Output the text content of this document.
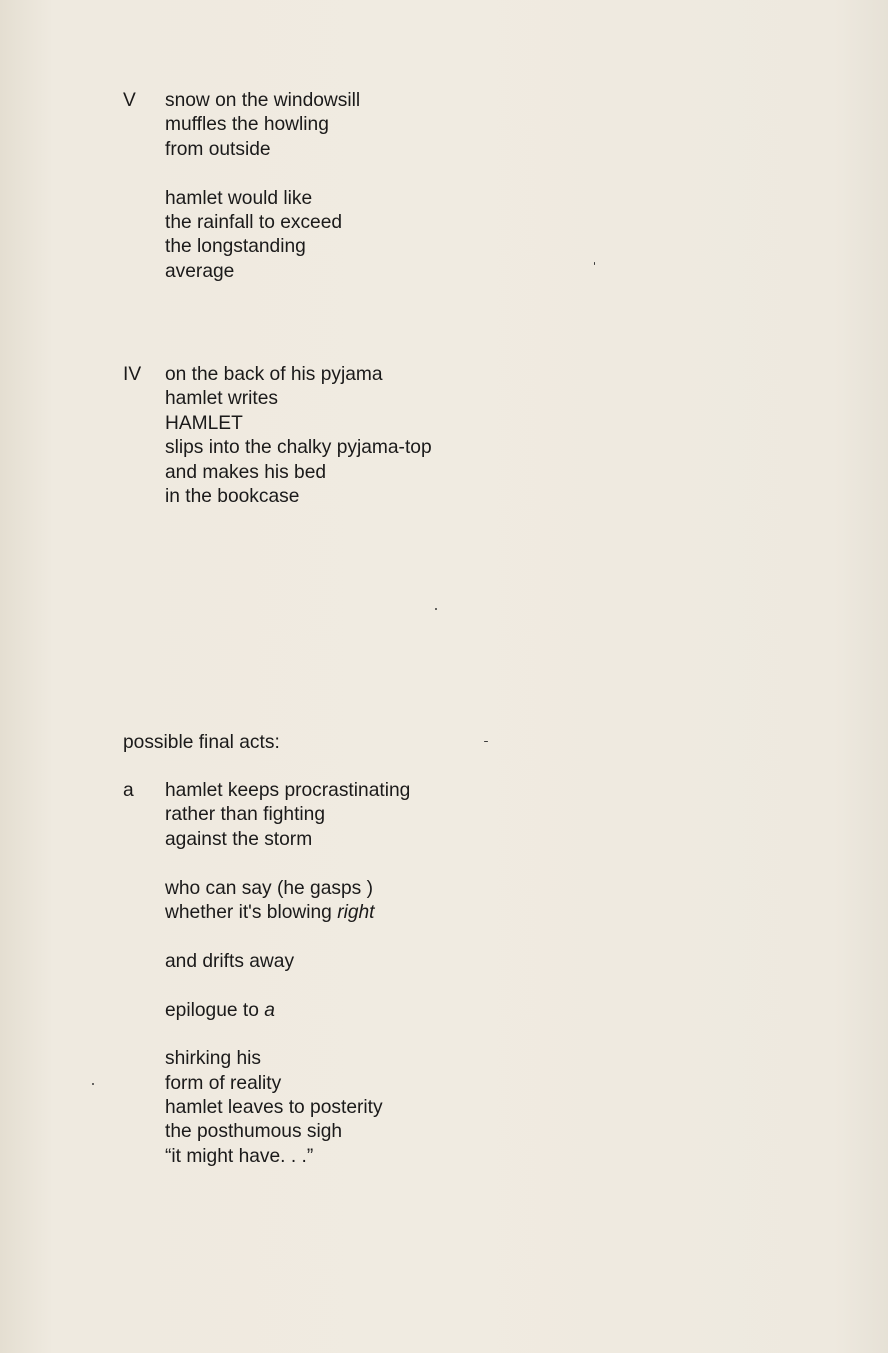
V snow on the windowsill
muffles the howling
from outside
hamlet would like
the rainfall to exceed
the longstanding
average
IV on the back of his pyjama
hamlet writes
HAMLET
slips into the chalky pyjama-top
and makes his bed
in the bookcase
possible final acts:
a hamlet keeps procrastinating
rather than fighting
against the storm
who can say (he gasps )
whether it's blowing right
and drifts away
epilogue to a
shirking his
form of reality
hamlet leaves to posterity
the posthumous sigh
“it might have. . .”
